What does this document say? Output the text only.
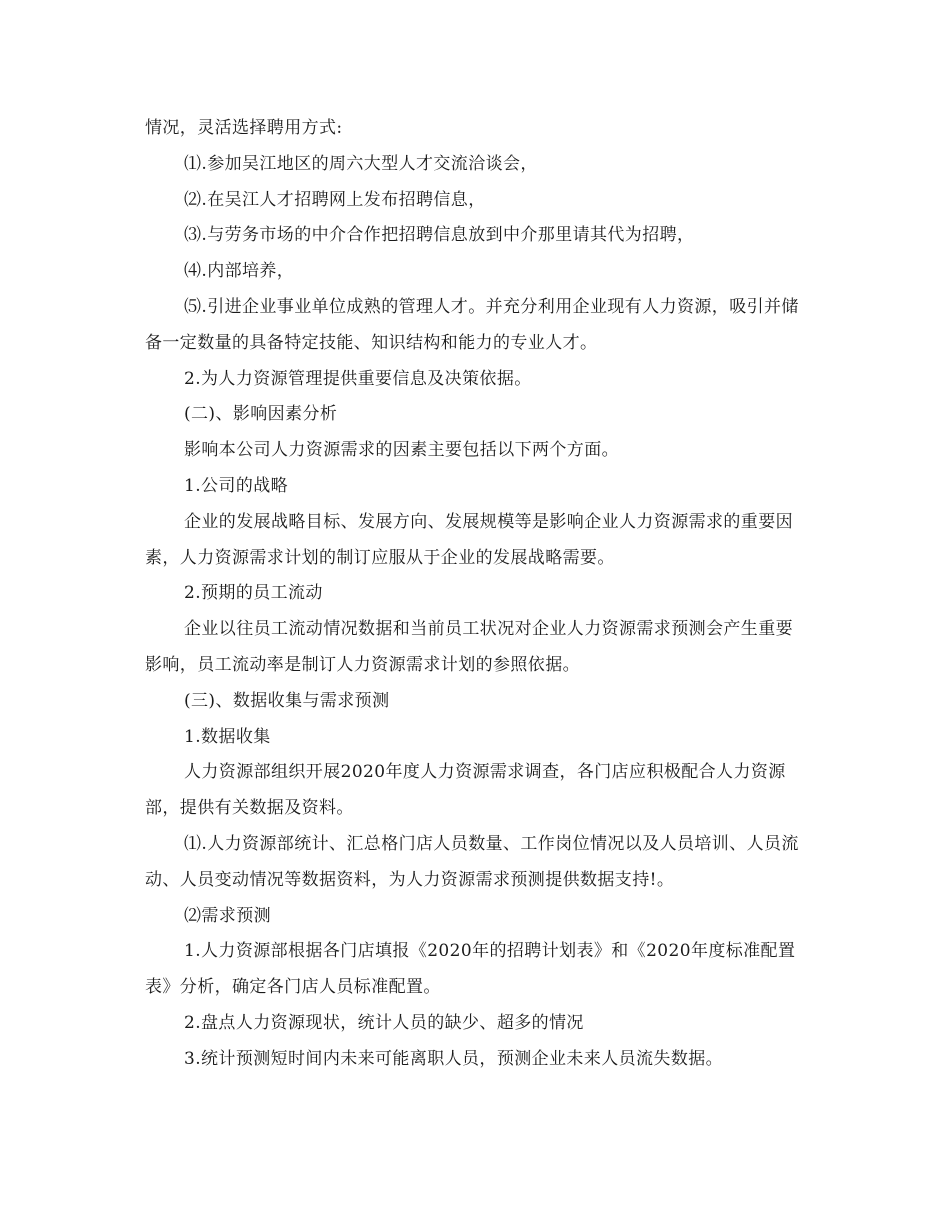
情况，灵活选择聘用方式:

⑴.参加吴江地区的周六大型人才交流洽谈会，

⑵.在吴江人才招聘网上发布招聘信息，

⑶.与劳务市场的中介合作把招聘信息放到中介那里请其代为招聘，

⑷.内部培养，

⑸.引进企业事业单位成熟的管理人才。并充分利用企业现有人力资源，吸引并储备一定数量的具备特定技能、知识结构和能力的专业人才。

2.为人力资源管理提供重要信息及决策依据。

(二)、影响因素分析

影响本公司人力资源需求的因素主要包括以下两个方面。

1.公司的战略

企业的发展战略目标、发展方向、发展规模等是影响企业人力资源需求的重要因素，人力资源需求计划的制订应服从于企业的发展战略需要。

2.预期的员工流动

企业以往员工流动情况数据和当前员工状况对企业人力资源需求预测会产生重要影响，员工流动率是制订人力资源需求计划的参照依据。

(三)、数据收集与需求预测

1.数据收集

人力资源部组织开展2020年度人力资源需求调查，各门店应积极配合人力资源部，提供有关数据及资料。

⑴.人力资源部统计、汇总格门店人员数量、工作岗位情况以及人员培训、人员流动、人员变动情况等数据资料，为人力资源需求预测提供数据支持!。

⑵需求预测

1.人力资源部根据各门店填报《2020年的招聘计划表》和《2020年度标准配置表》分析，确定各门店人员标准配置。

2.盘点人力资源现状，统计人员的缺少、超多的情况

3.统计预测短时间内未来可能离职人员，预测企业未来人员流失数据。
